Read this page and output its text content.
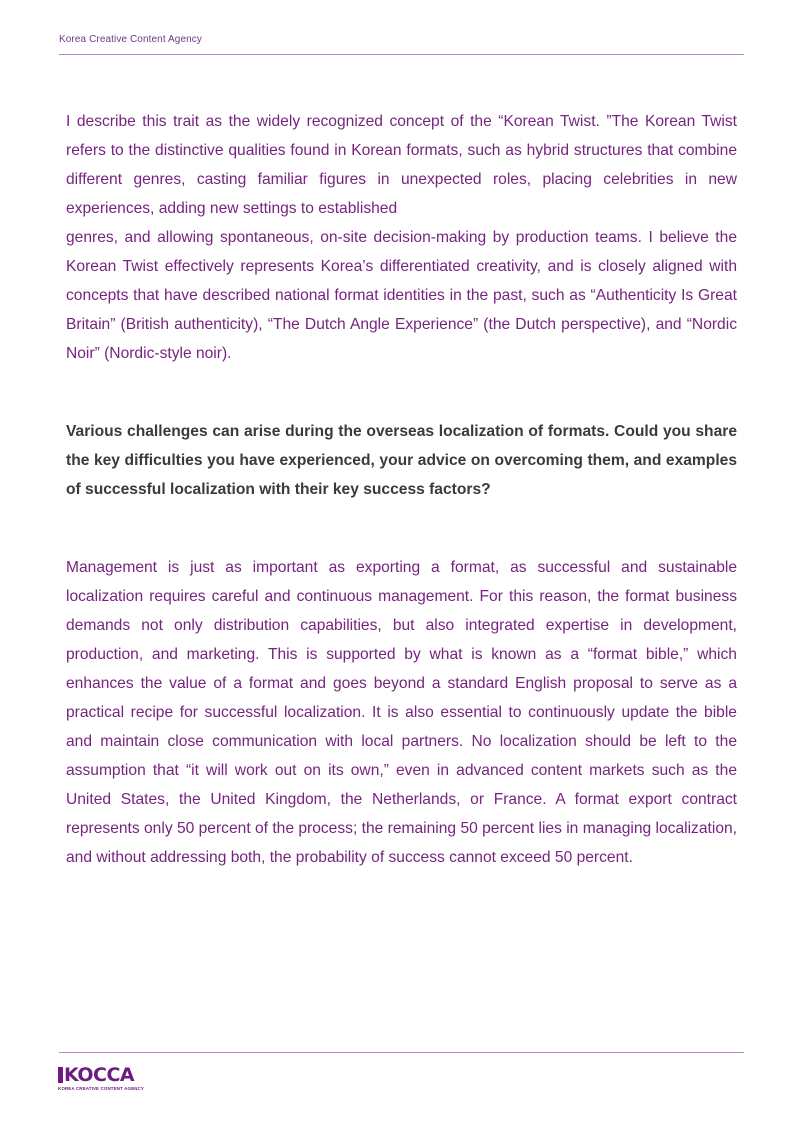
Korea Creative Content Agency

I describe this trait as the widely recognized concept of the “Korean Twist. ”The Korean Twist refers to the distinctive qualities found in Korean formats, such as hybrid structures that combine different genres, casting familiar figures in unexpected roles, placing celebrities in new experiences, adding new settings to established

genres, and allowing spontaneous, on-site decision-making by production teams. I believe the Korean Twist effectively represents Korea’s differentiated creativity, and is closely aligned with concepts that have described national format identities in the past, such as “Authenticity Is Great Britain” (British authenticity), “The Dutch Angle Experience” (the Dutch perspective), and “Nordic Noir” (Nordic-style noir).

Various challenges can arise during the overseas localization of formats. Could you share the key difficulties you have experienced, your advice on overcoming them, and examples of successful localization with their key success factors?

Management is just as important as exporting a format, as successful and sustainable localization requires careful and continuous management. For this reason, the format business demands not only distribution capabilities, but also integrated expertise in development, production, and marketing. This is supported by what is known as a “format bible,” which enhances the value of a format and goes beyond a standard English proposal to serve as a practical recipe for successful localization. It is also essential to continuously update the bible and maintain close communication with local partners. No localization should be left to the assumption that “it will work out on its own,” even in advanced content markets such as the United States, the United Kingdom, the Netherlands, or France. A format export contract represents only 50 percent of the process; the remaining 50 percent lies in managing localization, and without addressing both, the probability of success cannot exceed 50 percent.

KOCCA
KOREA CREATIVE CONTENT AGENCY
